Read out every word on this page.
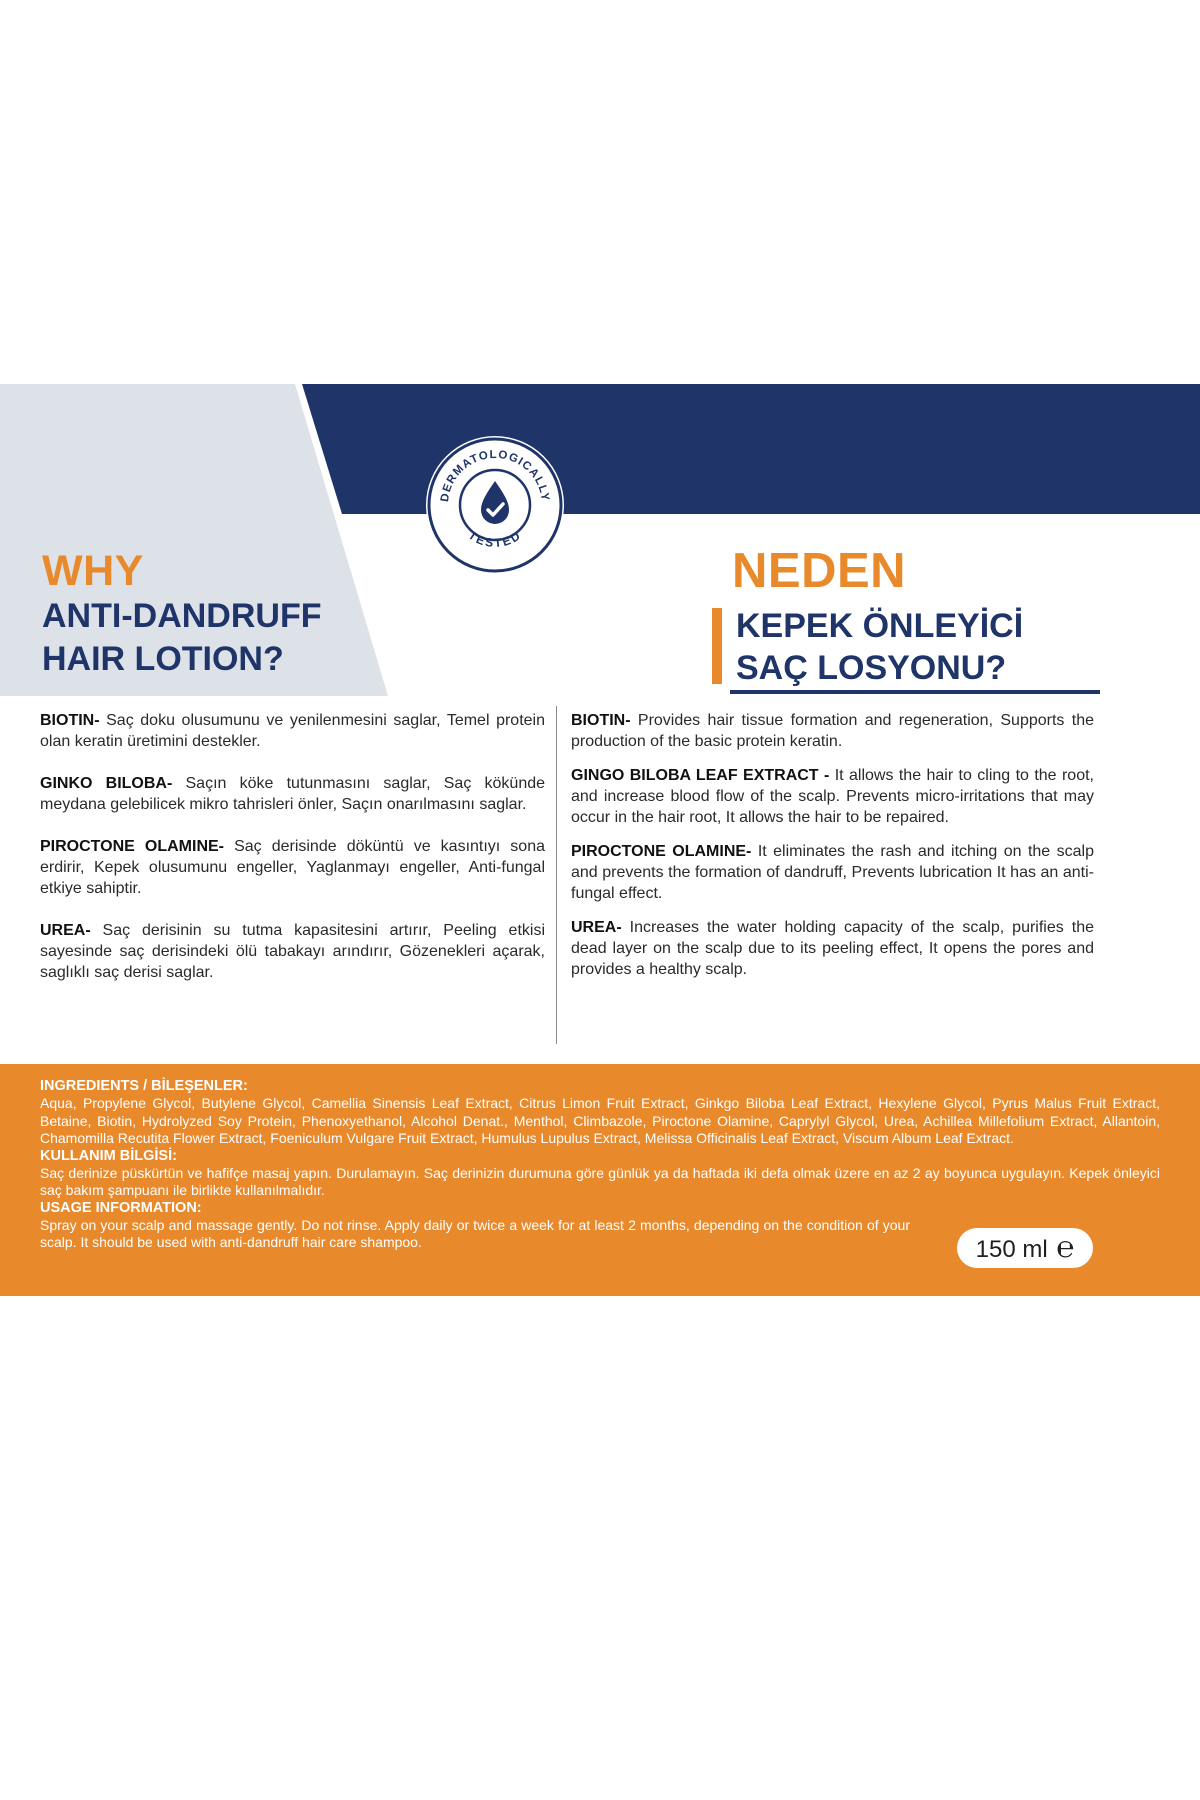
DERMATOLOGICALLY
TESTED
WHY
ANTI-DANDRUFF
HAIR LOTION?
NEDEN
KEPEK ÖNLEYİCİ
SAÇ LOSYONU?

BIOTIN- Saç doku olusumunu ve yenilenmesini saglar, Temel protein olan keratin üretimini destekler.

GINKO BILOBA- Saçın köke tutunmasını saglar, Saç kökünde meydana gelebilicek mikro tahrisleri önler, Saçın onarılmasını saglar.

PIROCTONE OLAMINE- Saç derisinde döküntü ve kasıntıyı sona erdirir, Kepek olusumunu engeller, Yaglanmayı engeller, Anti-fungal etkiye sahiptir.

UREA- Saç derisinin su tutma kapasitesini artırır, Peeling etkisi sayesinde saç derisindeki ölü tabakayı arındırır, Gözenekleri açarak, saglıklı saç derisi saglar.

BIOTIN- Provides hair tissue formation and regeneration, Supports the production of the basic protein keratin.

GINGO BILOBA LEAF EXTRACT - It allows the hair to cling to the root, and increase blood flow of the scalp. Prevents micro-irritations that may occur in the hair root, It allows the hair to be repaired.

PIROCTONE OLAMINE- It eliminates the rash and itching on the scalp and prevents the formation of dandruff, Prevents lubrication It has an anti-fungal effect.

UREA- Increases the water holding capacity of the scalp, purifies the dead layer on the scalp due to its peeling effect, It opens the pores and provides a healthy scalp.

INGREDIENTS / BİLEŞENLER:
Aqua, Propylene Glycol, Butylene Glycol, Camellia Sinensis Leaf Extract, Citrus Limon Fruit Extract, Ginkgo Biloba Leaf Extract, Hexylene Glycol, Pyrus Malus Fruit Extract, Betaine, Biotin, Hydrolyzed Soy Protein, Phenoxyethanol, Alcohol Denat., Menthol, Climbazole, Piroctone Olamine, Caprylyl Glycol, Urea, Achillea Millefolium Extract, Allantoin, Chamomilla Recutita Flower Extract, Foeniculum Vulgare Fruit Extract, Humulus Lupulus Extract, Melissa Officinalis Leaf Extract, Viscum Album Leaf Extract.
KULLANIM BİLGİSİ:
Saç derinize püskürtün ve hafifçe masaj yapın. Durulamayın. Saç derinizin durumuna göre günlük ya da haftada iki defa olmak üzere en az 2 ay boyunca uygulayın. Kepek önleyici saç bakım şampuanı ile birlikte kullanılmalıdır.
USAGE INFORMATION:
Spray on your scalp and massage gently. Do not rinse. Apply daily or twice a week for at least 2 months, depending on the condition of your scalp. It should be used with anti-dandruff hair care shampoo.	150 ml ℮
